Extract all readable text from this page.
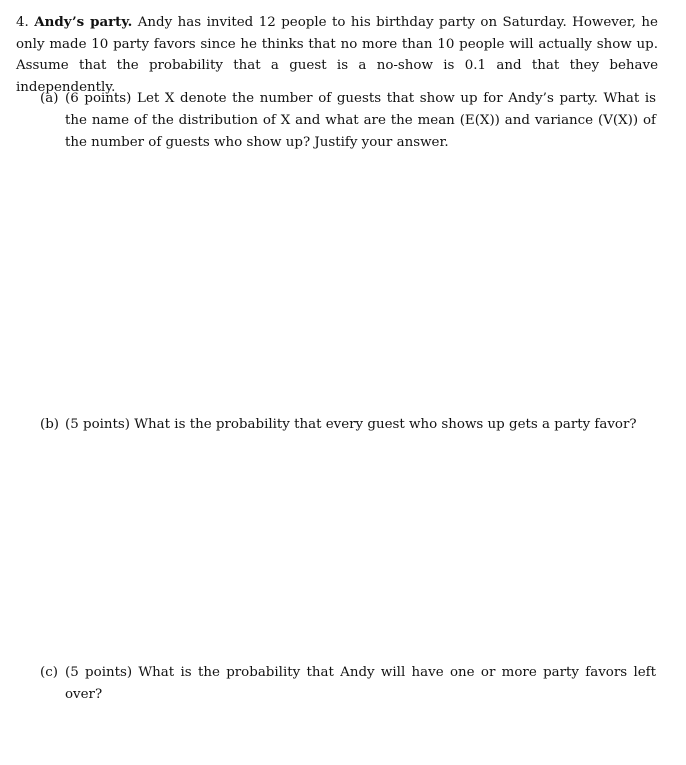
4. Andy’s party. Andy has invited 12 people to his birthday party on Saturday. However, he only made 10 party favors since he thinks that no more than 10 people will actually show up. Assume that the probability that a guest is a no-show is 0.1 and that they behave independently.
(a) (6 points) Let X denote the number of guests that show up for Andy’s party. What is the name of the distribution of X and what are the mean (E(X)) and variance (V(X)) of the number of guests who show up? Justify your answer.
(b) (5 points) What is the probability that every guest who shows up gets a party favor?
(c) (5 points) What is the probability that Andy will have one or more party favors left over?
